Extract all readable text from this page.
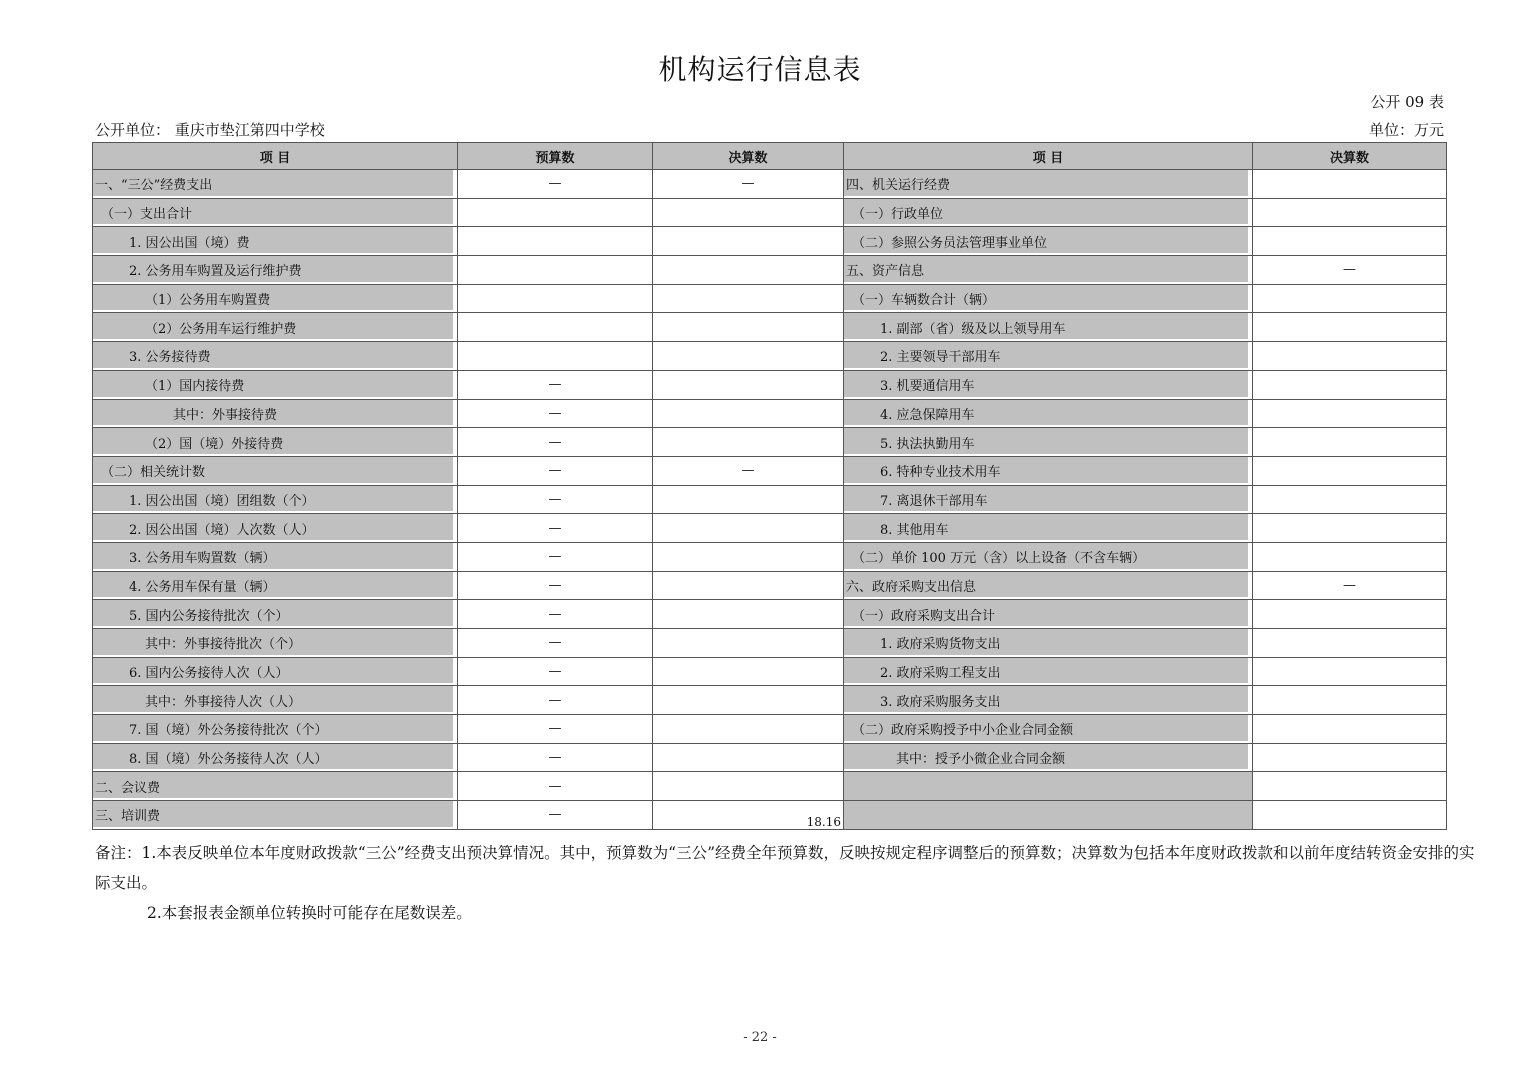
机构运行信息表
公开 09 表
公开单位： 重庆市垫江第四中学校	单位：万元
项 目	预算数	决算数	项 目	决算数
一、“三公”经费支出	—	—	四、机关运行经费	
（一）支出合计			（一）行政单位	
1. 因公出国（境）费			（二）参照公务员法管理事业单位	
2. 公务用车购置及运行维护费			五、资产信息	—
（1）公务用车购置费			（一）车辆数合计（辆）	
（2）公务用车运行维护费			1. 副部（省）级及以上领导用车	
3. 公务接待费			2. 主要领导干部用车	
（1）国内接待费	—		3. 机要通信用车	
其中：外事接待费	—		4. 应急保障用车	
（2）国（境）外接待费	—		5. 执法执勤用车	
（二）相关统计数	—	—	6. 特种专业技术用车	
1. 因公出国（境）团组数（个）	—		7. 离退休干部用车	
2. 因公出国（境）人次数（人）	—		8. 其他用车	
3. 公务用车购置数（辆）	—		（二）单价 100 万元（含）以上设备（不含车辆）	
4. 公务用车保有量（辆）	—		六、政府采购支出信息	—
5. 国内公务接待批次（个）	—		（一）政府采购支出合计	
其中：外事接待批次（个）	—		1. 政府采购货物支出	
6. 国内公务接待人次（人）	—		2. 政府采购工程支出	
其中：外事接待人次（人）	—		3. 政府采购服务支出	
7. 国（境）外公务接待批次（个）	—		（二）政府采购授予中小企业合同金额	
8. 国（境）外公务接待人次（人）	—		其中：授予小微企业合同金额	
二、会议费	—			
三、培训费	—	18.16		
备注：1.本表反映单位本年度财政拨款“三公”经费支出预决算情况。其中，预算数为“三公”经费全年预算数，反映按规定程序调整后的预算数；决算数为包括本年度财政拨款和以前年度结转资金安排的实际支出。
2.本套报表金额单位转换时可能存在尾数误差。
- 22 -
